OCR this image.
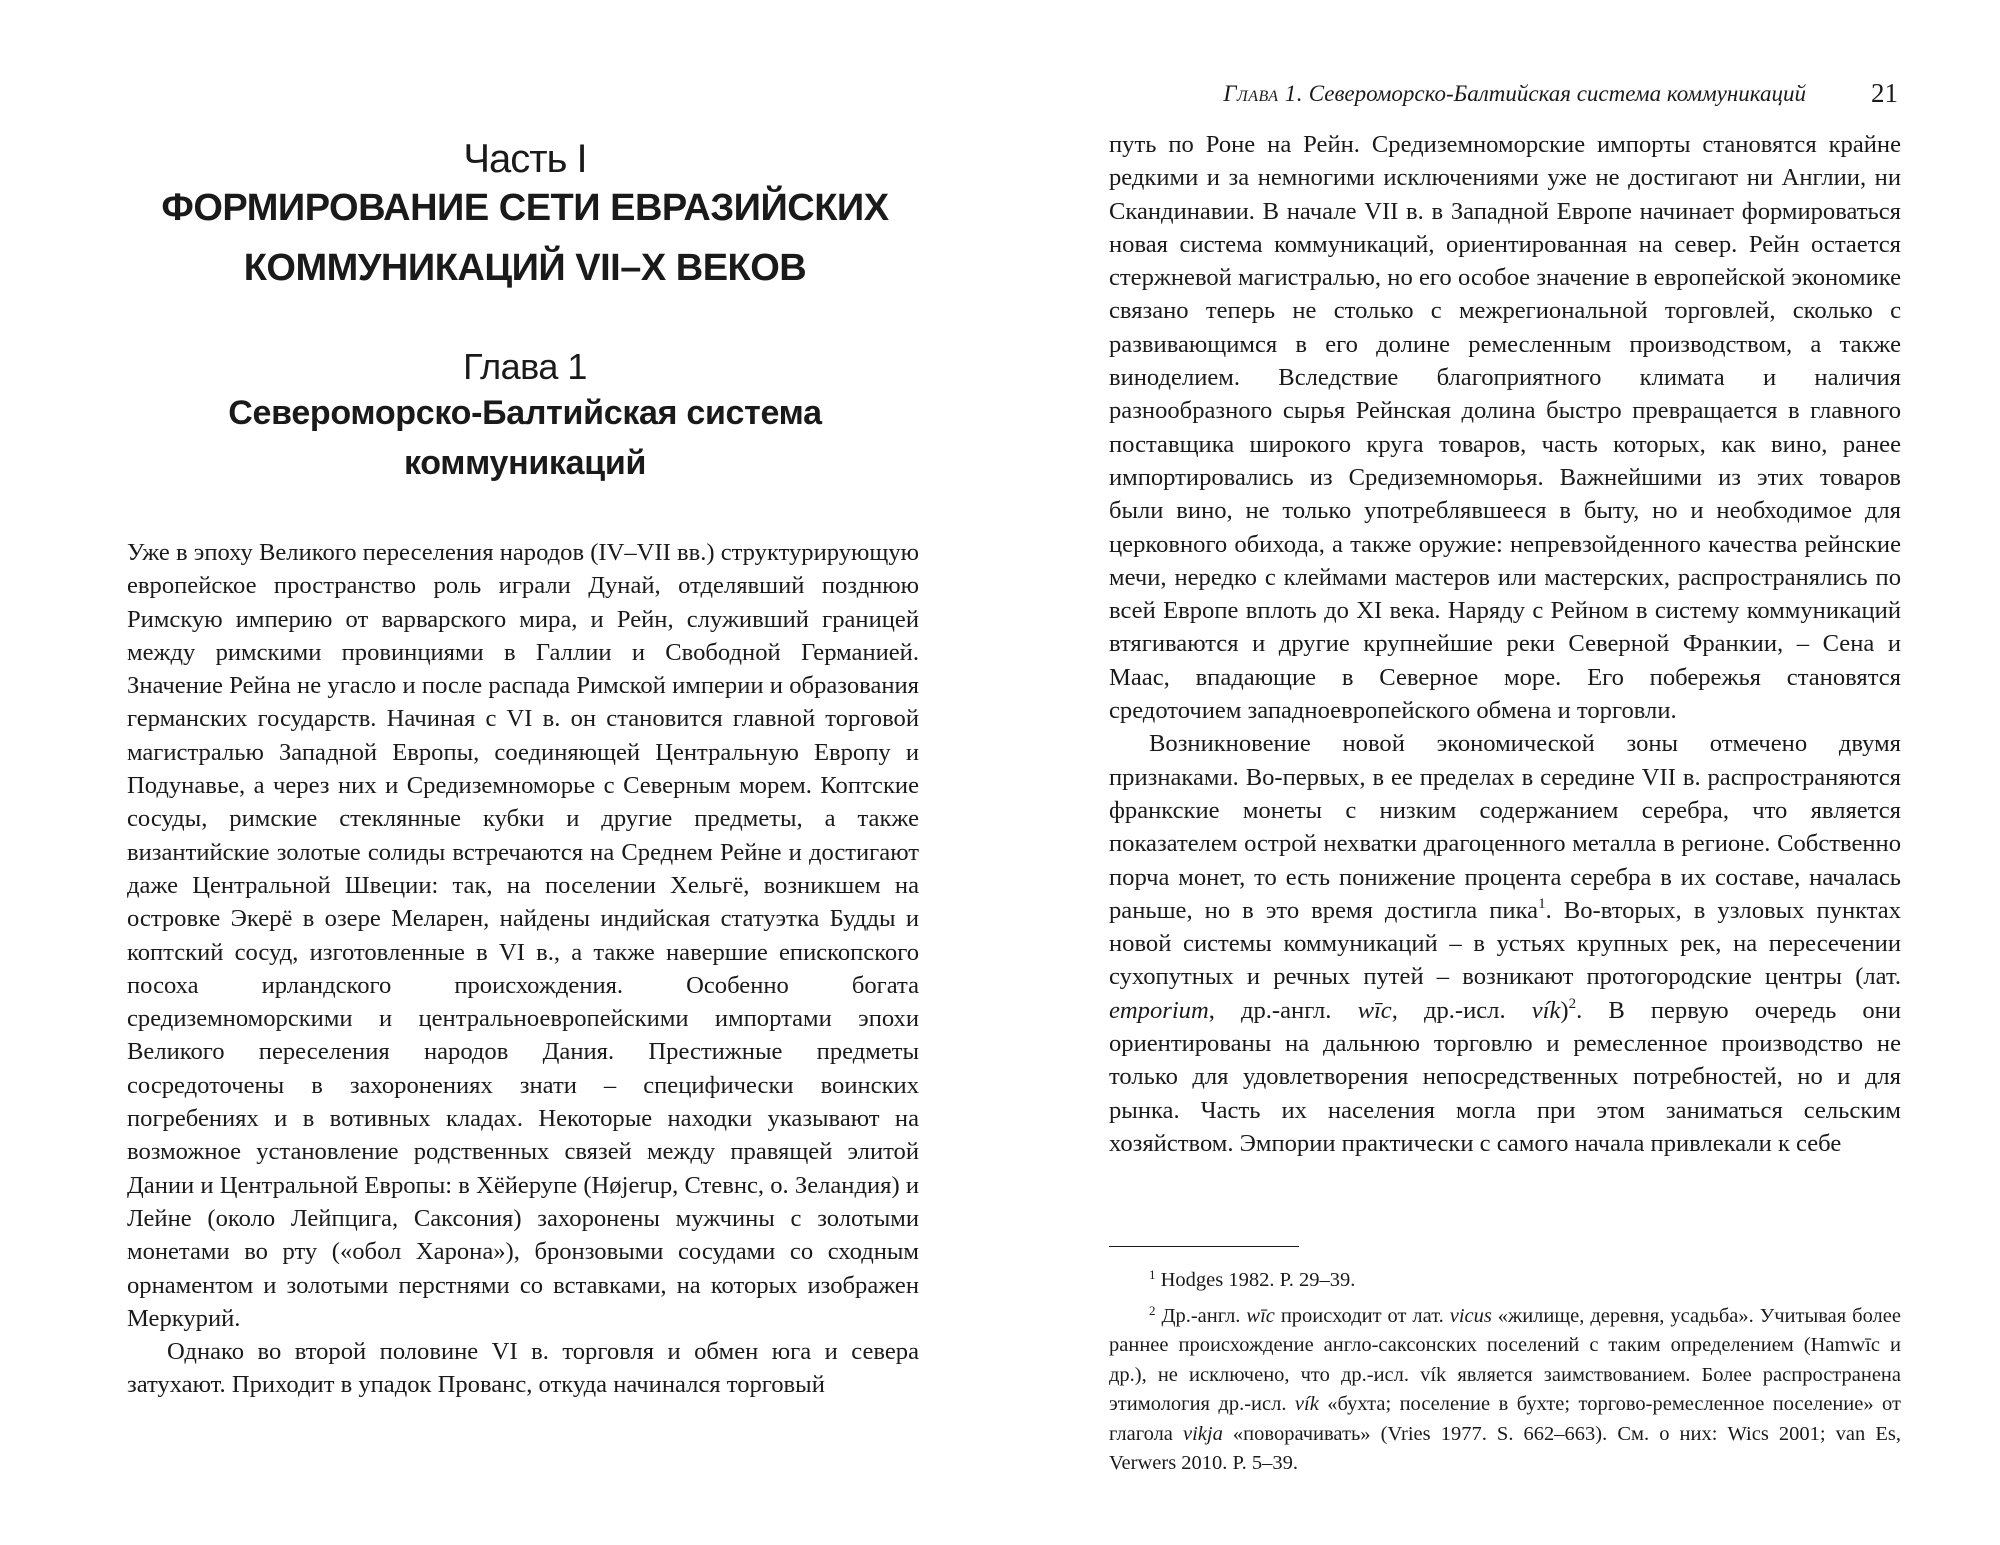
Часть I
ФОРМИРОВАНИЕ СЕТИ ЕВРАЗИЙСКИХ
КОММУНИКАЦИЙ VII–X ВЕКОВ
Глава 1
Североморско-Балтийская система
коммуникаций

Уже в эпоху Великого переселения народов (IV–VII вв.) структурирующую европейское пространство роль играли Дунай, отделявший позднюю Римскую империю от варварского мира, и Рейн, служивший границей между римскими провинциями в Галлии и Свободной Германией. Значение Рейна не угасло и после распада Римской империи и образования германских государств. Начиная с VI в. он становится главной торговой магистралью Западной Европы, соединяющей Центральную Европу и Подунавье, а через них и Средиземноморье с Северным морем. Коптские сосуды, римские стеклянные кубки и другие предметы, а также византийские золотые солиды встречаются на Среднем Рейне и достигают даже Центральной Швеции: так, на поселении Хельгё, возникшем на островке Экерё в озере Меларен, найдены индийская статуэтка Будды и коптский сосуд, изготовленные в VI в., а также навершие епископского посоха ирландского происхождения. Особенно богата средиземноморскими и центральноевропейскими импортами эпохи Великого переселения народов Дания. Престижные предметы сосредоточены в захоронениях знати – специфически воинских погребениях и в вотивных кладах. Некоторые находки указывают на возможное установление родственных связей между правящей элитой Дании и Центральной Европы: в Хёйерупе (Højerup, Стевнс, о. Зеландия) и Лейне (около Лейпцига, Саксония) захоронены мужчины с золотыми монетами во рту («обол Харона»), бронзовыми сосудами со сходным орнаментом и золотыми перстнями со вставками, на которых изображен Меркурий.

Однако во второй половине VI в. торговля и обмен юга и севера затухают. Приходит в упадок Прованс, откуда начинался торговый

Глава 1. Североморско-Балтийская система коммуникаций	21

путь по Роне на Рейн. Средиземноморские импорты становятся крайне редкими и за немногими исключениями уже не достигают ни Англии, ни Скандинавии. В начале VII в. в Западной Европе начинает формироваться новая система коммуникаций, ориентированная на север. Рейн остается стержневой магистралью, но его особое значение в европейской экономике связано теперь не столько с межрегиональной торговлей, сколько с развивающимся в его долине ремесленным производством, а также виноделием. Вследствие благоприятного климата и наличия разнообразного сырья Рейнская долина быстро превращается в главного поставщика широкого круга товаров, часть которых, как вино, ранее импортировались из Средиземноморья. Важнейшими из этих товаров были вино, не только употреблявшееся в быту, но и необходимое для церковного обихода, а также оружие: непревзойденного качества рейнские мечи, нередко с клеймами мастеров или мастерских, распространялись по всей Европе вплоть до XI века. Наряду с Рейном в систему коммуникаций втягиваются и другие крупнейшие реки Северной Франкии, – Сена и Маас, впадающие в Северное море. Его побережья становятся средоточием западноевропейского обмена и торговли.

Возникновение новой экономической зоны отмечено двумя признаками. Во-первых, в ее пределах в середине VII в. распространяются франкские монеты с низким содержанием серебра, что является показателем острой нехватки драгоценного металла в регионе. Собственно порча монет, то есть понижение процента серебра в их составе, началась раньше, но в это время достигла пика$^1$. Во-вторых, в узловых пунктах новой системы коммуникаций – в устьях крупных рек, на пересечении сухопутных и речных путей – возникают протогородские центры (лат. emporium, др.-англ. wīc, др.-исл. vík)$^2$. В первую очередь они ориентированы на дальнюю торговлю и ремесленное производство не только для удовлетворения непосредственных потребностей, но и для рынка. Часть их населения могла при этом заниматься сельским хозяйством. Эмпории практически с самого начала привлекали к себе

$^1$ Hodges 1982. P. 29–39.

$^2$ Др.-англ. wīc происходит от лат. vicus «жилище, деревня, усадьба». Учитывая более раннее происхождение англо-саксонских поселений с таким определением (Hamwīc и др.), не исключено, что др.-исл. vík является заимствованием. Более распространена этимология др.-исл. vík «бухта; поселение в бухте; торгово-ремесленное поселение» от глагола vikja «поворачивать» (Vries 1977. S. 662–663). См. о них: Wics 2001; van Es, Verwers 2010. P. 5–39.
